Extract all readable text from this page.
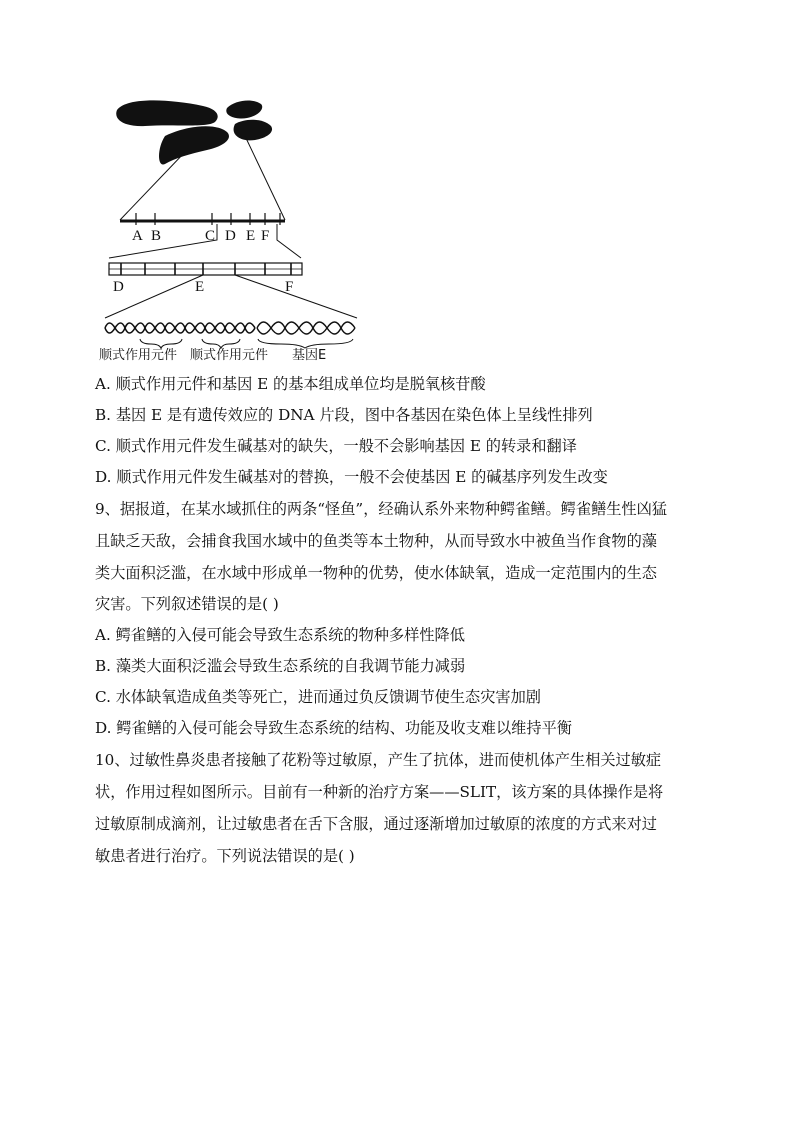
A B	C D E F
D	E	F
顺式作用元件 顺式作用元件 基因E
A. 顺式作用元件和基因 E 的基本组成单位均是脱氧核苷酸
B. 基因 E 是有遗传效应的 DNA 片段，图中各基因在染色体上呈线性排列
C. 顺式作用元件发生碱基对的缺失，一般不会影响基因 E 的转录和翻译
D. 顺式作用元件发生碱基对的替换，一般不会使基因 E 的碱基序列发生改变
9、据报道，在某水域抓住的两条“怪鱼”，经确认系外来物种鳄雀鳝。鳄雀鳝生性凶猛
且缺乏天敌，会捕食我国水域中的鱼类等本土物种，从而导致水中被鱼当作食物的藻
类大面积泛滥，在水域中形成单一物种的优势，使水体缺氧，造成一定范围内的生态
灾害。下列叙述错误的是( )
A. 鳄雀鳝的入侵可能会导致生态系统的物种多样性降低
B. 藻类大面积泛滥会导致生态系统的自我调节能力减弱
C. 水体缺氧造成鱼类等死亡，进而通过负反馈调节使生态灾害加剧
D. 鳄雀鳝的入侵可能会导致生态系统的结构、功能及收支难以维持平衡
10、过敏性鼻炎患者接触了花粉等过敏原，产生了抗体，进而使机体产生相关过敏症
状，作用过程如图所示。目前有一种新的治疗方案——SLIT，该方案的具体操作是将
过敏原制成滴剂，让过敏患者在舌下含服，通过逐渐增加过敏原的浓度的方式来对过
敏患者进行治疗。下列说法错误的是( )
